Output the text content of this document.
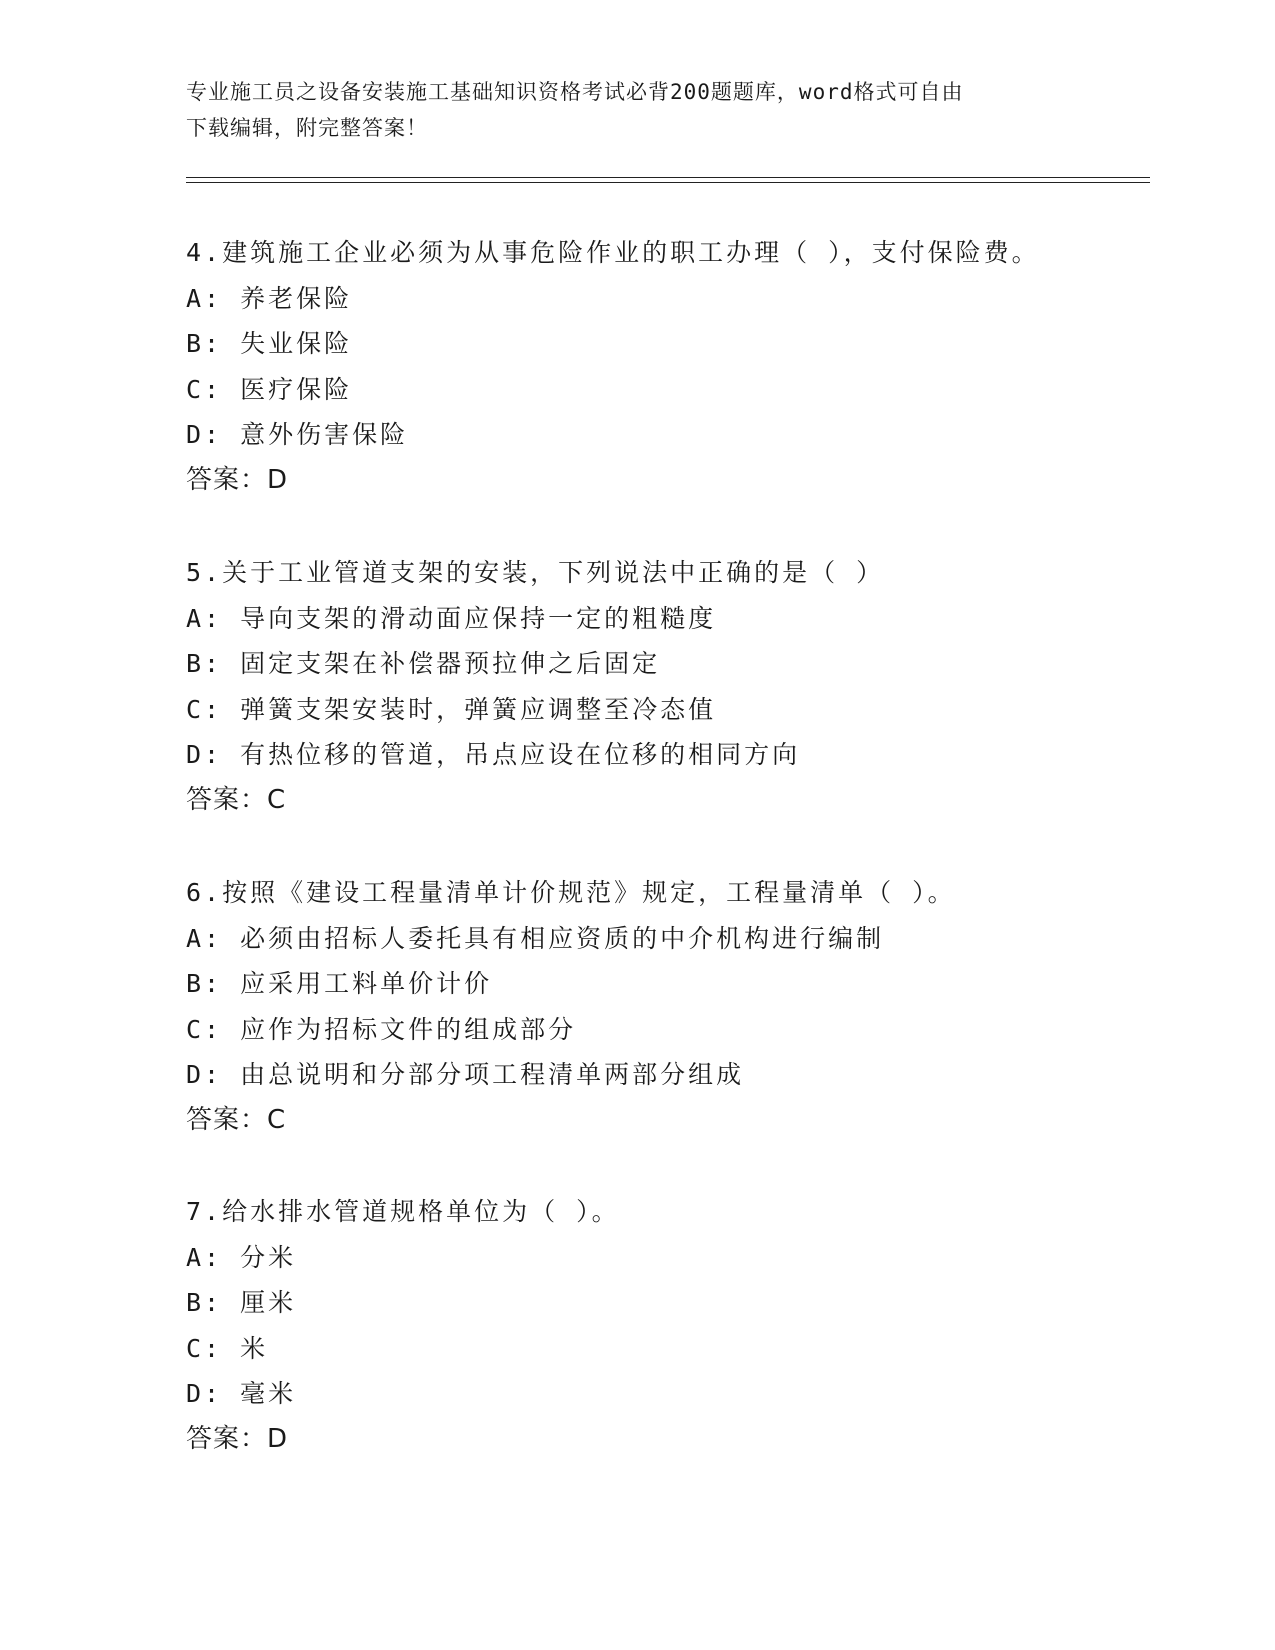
专业施工员之设备安装施工基础知识资格考试必背200题题库，word格式可自由
下载编辑，附完整答案！
4.建筑施工企业必须为从事危险作业的职工办理（ ），支付保险费。
A: 养老保险
B: 失业保险
C: 医疗保险
D: 意外伤害保险
答案：D
5.关于工业管道支架的安装，下列说法中正确的是（ ）
A: 导向支架的滑动面应保持一定的粗糙度
B: 固定支架在补偿器预拉伸之后固定
C: 弹簧支架安装时，弹簧应调整至冷态值
D: 有热位移的管道，吊点应设在位移的相同方向
答案：C
6.按照《建设工程量清单计价规范》规定，工程量清单（ ）。
A: 必须由招标人委托具有相应资质的中介机构进行编制
B: 应采用工料单价计价
C: 应作为招标文件的组成部分
D: 由总说明和分部分项工程清单两部分组成
答案：C
7.给水排水管道规格单位为（ ）。
A: 分米
B: 厘米
C: 米
D: 毫米
答案：D
